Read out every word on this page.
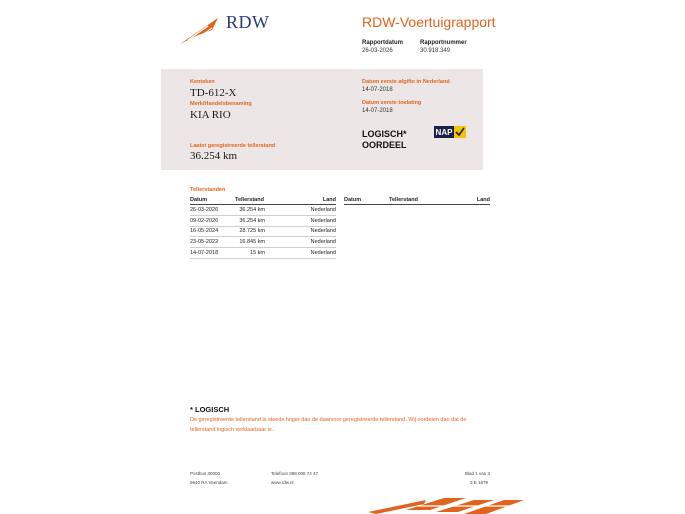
RDW	RDW-Voertuigrapport
Rapportdatum
26-03-2026
Rapportnummer
30.918.349
Kenteken
TD-612-X
Merk/Handelsbenaming
KIA RIO
Laatst geregistreerde tellerstand
36.254 km
Datum eerste afgifte in Nederland
14-07-2018
Datum eerste toelating
14-07-2018
LOGISCH*
OORDEEL
NAP
Tellerstanden
Datum	Tellerstand	Land
26-03-2026	36.254 km	Nederland
09-02-2026	36.254 km	Nederland
16-05-2024	28.725 km	Nederland
23-05-2022	16.845 km	Nederland
14-07-2018	15 km	Nederland
Datum	Tellerstand	Land
* LOGISCH
De geregistreerde tellerstand is steeds hoger dan de daarvoor geregistreerde tellerstand. Wij oordelen dan dat de tellerstand logisch verklaarbaar is.
Postbus 30000
9640 RA Veendam
Telefoon 088 008 74 47
www.rdw.nl
Blad 1 van 3
3 E 1679
